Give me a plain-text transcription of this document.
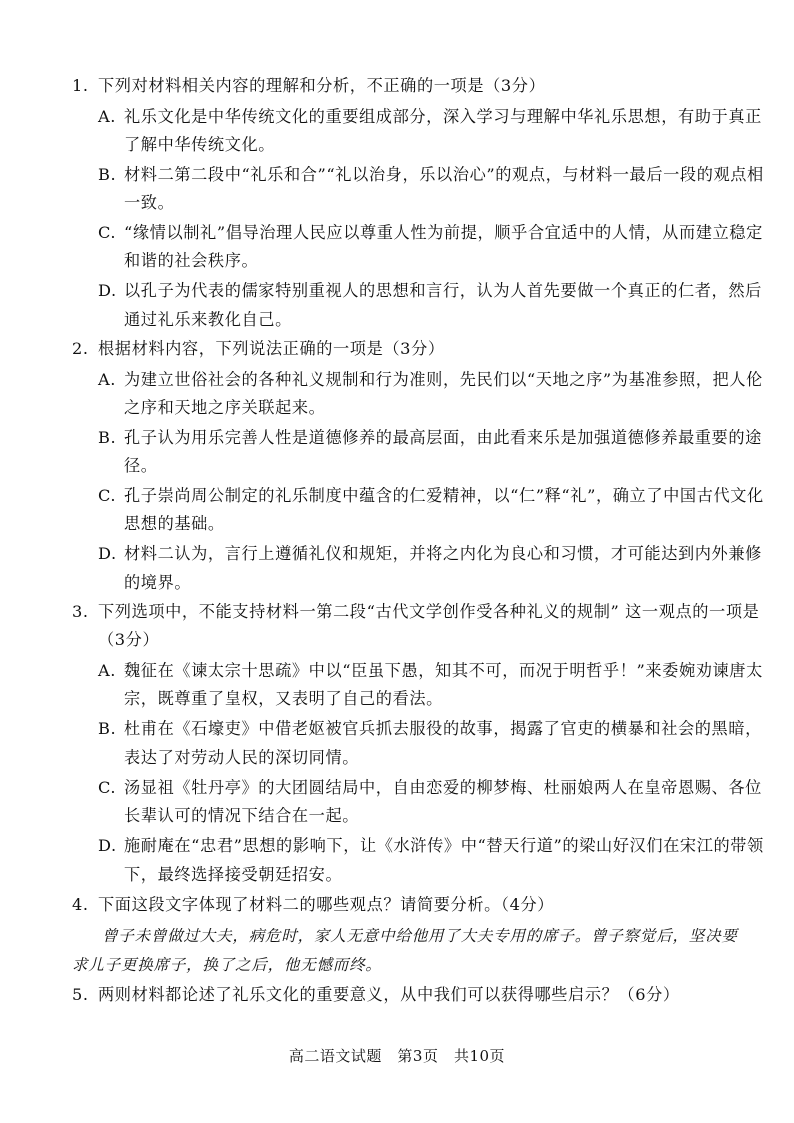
1. 下列对材料相关内容的理解和分析，不正确的一项是（3分）
A. 礼乐文化是中华传统文化的重要组成部分，深入学习与理解中华礼乐思想，有助于真正
了解中华传统文化。
B. 材料二第二段中“礼乐和合”“礼以治身，乐以治心”的观点，与材料一最后一段的观点相
一致。
C. “缘情以制礼”倡导治理人民应以尊重人性为前提，顺乎合宜适中的人情，从而建立稳定
和谐的社会秩序。
D. 以孔子为代表的儒家特别重视人的思想和言行，认为人首先要做一个真正的仁者，然后
通过礼乐来教化自己。
2. 根据材料内容，下列说法正确的一项是（3分）
A. 为建立世俗社会的各种礼义规制和行为准则，先民们以“天地之序”为基准参照，把人伦
之序和天地之序关联起来。
B. 孔子认为用乐完善人性是道德修养的最高层面，由此看来乐是加强道德修养最重要的途
径。
C. 孔子崇尚周公制定的礼乐制度中蕴含的仁爱精神，以“仁”释“礼”，确立了中国古代文化
思想的基础。
D. 材料二认为，言行上遵循礼仪和规矩，并将之内化为良心和习惯，才可能达到内外兼修
的境界。
3. 下列选项中，不能支持材料一第二段“古代文学创作受各种礼义的规制” 这一观点的一项是
（3分）
A. 魏征在《谏太宗十思疏》中以“臣虽下愚，知其不可，而况于明哲乎！”来委婉劝谏唐太
宗，既尊重了皇权，又表明了自己的看法。
B. 杜甫在《石壕吏》中借老妪被官兵抓去服役的故事，揭露了官吏的横暴和社会的黑暗，
表达了对劳动人民的深切同情。
C. 汤显祖《牡丹亭》的大团圆结局中，自由恋爱的柳梦梅、杜丽娘两人在皇帝恩赐、各位
长辈认可的情况下结合在一起。
D. 施耐庵在“忠君”思想的影响下，让《水浒传》中“替天行道”的梁山好汉们在宋江的带领
下，最终选择接受朝廷招安。
4. 下面这段文字体现了材料二的哪些观点？请简要分析。（4分）
曾子未曾做过大夫，病危时，家人无意中给他用了大夫专用的席子。曾子察觉后，坚决要
求儿子更换席子，换了之后，他无憾而终。
5. 两则材料都论述了礼乐文化的重要意义，从中我们可以获得哪些启示？（6分）
高二语文试题　第3页　共10页
